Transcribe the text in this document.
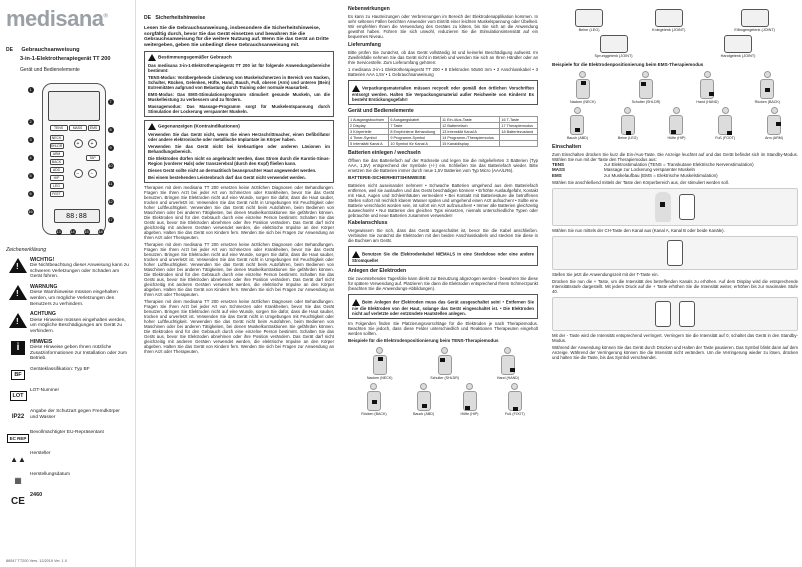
medisana®
DE Gebrauchsanweisung
3-in-1-Elektrotherapiegerät TT 200
Gerät und Bedienelemente
TENS	MASS	EMS
NECK
SHLDR
ARM
BACK
ADD
HIP
LEG
FEET
TAP
+
−
+
−
88:88
1
2
3
4
5
6
7
8
9
10
11
12
13	14	15
16
17
18
Zeichenerklärung
!
WICHTIG!
Die Nichtbeachtung dieser Anweisung kann zu schweren Verletzungen oder Schäden am Gerät führen.
!
WARNUNG
Diese Warnhinweise müssen eingehalten werden, um mögliche Verletzungen des Benutzers zu verhindern.
!
ACHTUNG
Diese Hinweise müssen eingehalten werden, um mögliche Beschädigungen am Gerät zu verhindern.
i	HINWEIS
Diese Hinweise geben Ihnen nützliche Zusatzinformationen zur Installation oder zum Betrieb.
BF
Geräteklassifikation: Typ BF
LOT
LOT-Nummer
IP22
Angabe der Schutzart gegen Fremdkörper und Wasser
EC REP
Bevollmächtigter EU-Repräsentant
▲▲
Hersteller
▦
Herstellungsdatum
CE
2460
86547 TT200 Vers. 12/2019 Ver. 1.0
DE Sicherheitshinweise
Lesen Sie die Gebrauchsanweisung, insbesondere die Sicherheitshinweise, sorgfältig durch, bevor Sie das Gerät einsetzen und bewahren Sie die Gebrauchsanweisung für die weitere Nutzung auf. Wenn Sie das Gerät an Dritte weitergeben, geben Sie unbedingt diese Gebrauchsanweisung mit.
Bestimmungsgemäßer Gebrauch

Das medisana 3-in-1-Elektrotherapiegerät TT 200 ist für folgende Anwendungsbereiche bestimmt:

TENS-Modus: Vorübergehende Linderung von Muskelschmerzen in Bereich von Nacken, Schulter, Rücken, Gelenken, Hüfte, Hand, Bauch, Fuß, oberen (Arm) und unteren (Bein) Extremitäten aufgrund von Belastung durch Training oder normale Hausarbeit.

EMS-Modus: Das EMS-Stimulationsprogramm stimuliert gesunde Muskeln, um die Muskelleistung zu verbessern und zu fördern.

Massagemodus: Das Massage-Programm sorgt für Muskelentspannung durch Stimulation der Lockerung verspannter Muskeln.

Gegenanzeigen (Kontraindikationen)

Verwenden Sie das Gerät nicht, wenn Sie einen Herzschrittmacher, einen Defibrillator oder andere elektronische oder metallische Implantate im Körper haben.

Verwenden Sie das Gerät nicht bei krebsartigen oder anderen Läsionen im Behandlungsbereich.

Die Elektroden dürfen nicht so angebracht werden, dass Strom durch die Karotis-Sinus-Region (vorderer Hals) oder transzerebral (durch den Kopf) fließen kann.

Dieses Gerät sollte nicht an dermatitisch beanspruchter Haut angewendet werden.

Bei einem bestehenden Leistenbruch darf das Gerät nicht verwendet werden.

Therapien mit dem medisana TT 200 ersetzen keine ärztlichen Diagnosen oder Behandlungen. Fragen Sie Ihren Arzt bei jeder Art von Schmerzen oder Krankheiten, bevor Sie das Gerät benutzen. Bringen Sie Elektroden nicht auf eine Wunde, sorgen Sie dafür, dass die Haut sauber, trocken und unverletzt ist. Verwenden Sie das Gerät nicht in Umgebungen mit Feuchtigkeit oder hoher Luftfeuchtigkeit. Verwenden Sie das Gerät nicht beim Autofahren, beim Bedienen von Maschinen oder bei anderen Tätigkeiten, bei denen Muskelkontraktionen Sie gefährden können. Die Elektroden sind für den Gebrauch durch eine einzelne Person bestimmt. Schalten Sie das Gerät aus, bevor Sie Elektroden abnehmen oder ihre Position verändern. Das Gerät darf nicht gleichzeitig mit anderen Geräten verwendet werden, die elektrische Impulse an den Körper abgeben. Halten Sie das Gerät von Kindern fern. Wenden Sie sich bei Fragen zur Anwendung an Ihren Arzt oder Therapeuten.

Therapien mit dem medisana TT 200 ersetzen keine ärztlichen Diagnosen oder Behandlungen. Fragen Sie Ihren Arzt bei jeder Art von Schmerzen oder Krankheiten, bevor Sie das Gerät benutzen. Bringen Sie Elektroden nicht auf eine Wunde, sorgen Sie dafür, dass die Haut sauber, trocken und unverletzt ist. Verwenden Sie das Gerät nicht in Umgebungen mit Feuchtigkeit oder hoher Luftfeuchtigkeit. Verwenden Sie das Gerät nicht beim Autofahren, beim Bedienen von Maschinen oder bei anderen Tätigkeiten, bei denen Muskelkontraktionen Sie gefährden können. Die Elektroden sind für den Gebrauch durch eine einzelne Person bestimmt. Schalten Sie das Gerät aus, bevor Sie Elektroden abnehmen oder ihre Position verändern. Das Gerät darf nicht gleichzeitig mit anderen Geräten verwendet werden, die elektrische Impulse an den Körper abgeben. Halten Sie das Gerät von Kindern fern. Wenden Sie sich bei Fragen zur Anwendung an Ihren Arzt oder Therapeuten.

Therapien mit dem medisana TT 200 ersetzen keine ärztlichen Diagnosen oder Behandlungen. Fragen Sie Ihren Arzt bei jeder Art von Schmerzen oder Krankheiten, bevor Sie das Gerät benutzen. Bringen Sie Elektroden nicht auf eine Wunde, sorgen Sie dafür, dass die Haut sauber, trocken und unverletzt ist. Verwenden Sie das Gerät nicht in Umgebungen mit Feuchtigkeit oder hoher Luftfeuchtigkeit. Verwenden Sie das Gerät nicht beim Autofahren, beim Bedienen von Maschinen oder bei anderen Tätigkeiten, bei denen Muskelkontraktionen Sie gefährden können. Die Elektroden sind für den Gebrauch durch eine einzelne Person bestimmt. Schalten Sie das Gerät aus, bevor Sie Elektroden abnehmen oder ihre Position verändern. Das Gerät darf nicht gleichzeitig mit anderen Geräten verwendet werden, die elektrische Impulse an den Körper abgeben. Halten Sie das Gerät von Kindern fern. Wenden Sie sich bei Fragen zur Anwendung an Ihren Arzt oder Therapeuten.

Nebenwirkungen

Es kann zu Hautreizungen oder Verbrennungen im Bereich der Elektrodenapplikation kommen. In sehr seltenen Fällen berichten Anwender vom Eintritt einer leichten Muskelspannung oder Übelkeit. Wir empfehlen Ihnen die Verwendung des Gerätes zu klären, bis Sie sich an die Anwendung gewöhnt haben. Führen Sie sich unwohl, reduzieren Sie die Stimulationsintensität auf ein bequemes Niveau.

Lieferumfang

Bitte prüfen Sie zunächst, ob das Gerät vollständig ist und keinerlei Beschädigung aufweist. Im Zweifelsfalle nehmen Sie das Gerät nicht in Betrieb und wenden Sie sich an Ihren Händler oder an Ihre Servicestelle. Zum Lieferumfang gehören:

1 medisana 3-in-1 Elektrotherapiegerät TT 200 • 8 Elektroden 50x50 mm • 2 Anschlusskabel • 3 Batterien AAA 1,5V • 1 Gebrauchsanweisung

Verpackungsmaterialien müssen recycelt oder gemäß den örtlichen Vorschriften entsorgt werden. Halten Sie Verpackungsmaterial außer Reichweite von Kindern! Es besteht Erstickungsgefahr!

Gerät und Bedienelemente
1 Ausgangsbuchsen	6 Ausgangskabel	11 Ein-/Aus-Taste	16 T-Taste
2 Display	7 Taste	12 Batteriefach	17 Therapiemodus
3 Körperteile	8 Empfohlene Behandlung	13 Intensität Kanal A	18 Batteriezustand
4 Timer-Symbol	9 Programm-Symbol	14 Programm-/Therapiemodus	
5 Intensität Kanal A	10 Symbol für Kanal A	15 Kanaldisplay	
Batterien einlegen / wechseln

Öffnen Sie das Batteriefach auf der Rückseite und legen Sie die mitgelieferten 3 Batterien (Typ AAA, 1,5V) entsprechend der Symbole (+/-) ein. Schließen Sie das Batteriefach wieder. Bitte ersetzen Sie die Batterien immer durch neue 1,5V Batterien vom Typ Micro (AAA/LR6).

BATTERIE-SICHERHEITSHINWEISE

Batterien nicht auseinander nehmen! • Schwache Batterien umgehend aus dem Batteriefach entfernen, weil sie auslaufen und das Gerät beschädigen können! • Erhöhte Auslaufgefahr, Kontakt mit Haut, Augen und Schleimhäuten vermeiden! • Bei Kontakt mit Batteriesäure die betroffenen Stellen sofort mit reichlich klarem Wasser spülen und umgehend einen Arzt aufsuchen! • Sollte eine Batterie verschluckt worden sein, ist sofort ein Arzt aufzusuchen! • Immer alle Batterien gleichzeitig auswechseln! • Nur Batterien des gleichen Typs einsetzen, niemals unterschiedliche Typen oder gebrauchte und neue Batterien zusammen verwenden!

Kabelanschluss

Vergewissern Sie sich, dass das Gerät ausgeschaltet ist, bevor Sie die Kabel anschließen. Verbinden Sie zunächst die Elektroden mit den beiden Anschlusskabeln und stecken Sie diese in die Buchsen am Gerät.

Benutzen Sie die Elektrodenkabel NIEMALS in eine Steckdose oder eine andere Stromquelle!

Anlegen der Elektroden

Die zuvorstehenden Tagesfolie kann direkt zur Benutzung abgezogen werden - bewahren Sie diese für spätere Verwendung auf. Platzieren Sie dann die Elektroden entsprechend Ihrem Schmerzpunkt (beachten Sie die Anwendungs-Abbildungen).

Beim Anlegen der Elektroden muss das Gerät ausgeschaltet sein! • Entfernen Sie nie die Elektroden von der Haut, solange das Gerät eingeschaltet ist. • Die Elektroden nicht auf verletzte oder entzündete Hautstellen anlegen.

Im Folgenden finden Sie Platzierungsvorschläge für die Elektroden je nach Therapiemodus. Beachten Sie jedoch, dass diese Felder unterschiedlich und Reaktionen Therapeuten eingeholt werden sollten.

Beispiele für die Elektrodenpositionierung beim TENS-Therapiemodus
Nacken (NECK)	Schulter (SHLDR)	Hand (HAND)
Rücken (BACK)	Bauch (ABD)	Hüfte (HIP)	Fuß (FOOT)
Beine (LEG)	Kniegelenk (JOINT)	Ellbogengelenk (JOINT)
Sprunggelenk (JOINT)	Handgelenk (JOINT)
Beispiele für die Elektrodenpositionierung beim EMS-Therapiemodus
Nacken (NECK)	Schulter (SHLDR)	Hand (HAND)	Rücken (BACK)
Bauch (ABD)	Beine (LEG)	Hüfte (HIP)	Fuß (FOOT)	Arm (ARM)
Einschalten

Zum Einschalten drücken Sie kurz die Ein-/Aus-Taste. Die Anzeige leuchtet auf und das Gerät befindet sich im Standby-Modus. Wählen Sie nun mit der Taste den Therapiemodus aus:

TENS	zur Elektrostimulation (TENS = Transkutane Elektrische Nervenstimulation)
MASS	Massage zur Lockerung verspannter Muskeln
EMS	zur Muskelaufbau (EMS = Elektrische Muskelstimulation)

Wählen Sie anschließend mittels der Taste den Körperbereich aus, der stimuliert werden soll.

Wählen Sie nun mittels der CH-Taste den Kanal aus (Kanal A, Kanal B oder beide Kanäle).

Stellen Sie jetzt die Anwendungszeit mit der T-Taste ein.

Drücken Sie nun die + Taste, um die Intensität des betreffenden Kanals zu erhöhen. Auf dem Display wird die entsprechende Intensitätsstufe dargestellt. Mit jedem Druck auf die + Taste erhöhen Sie die Intensität weiter, erhöhen bis zur maximalen Stufe 40.

Mit der - Taste wird die Intensität entsprechend verringert. Verringern Sie die Intensität auf 0, schaltet das Gerät in den Standby-Modus.

Während der Anwendung können Sie das Gerät durch Drücken und Halten der Taste pausieren. Das Symbol blinkt dann auf dem Anzeige. Während der Verringerung können Sie die Intensität nicht verändern. Um die Verringerung wieder zu lösen, drücken und halten Sie die Taste, bis das Symbol verschwindet.
